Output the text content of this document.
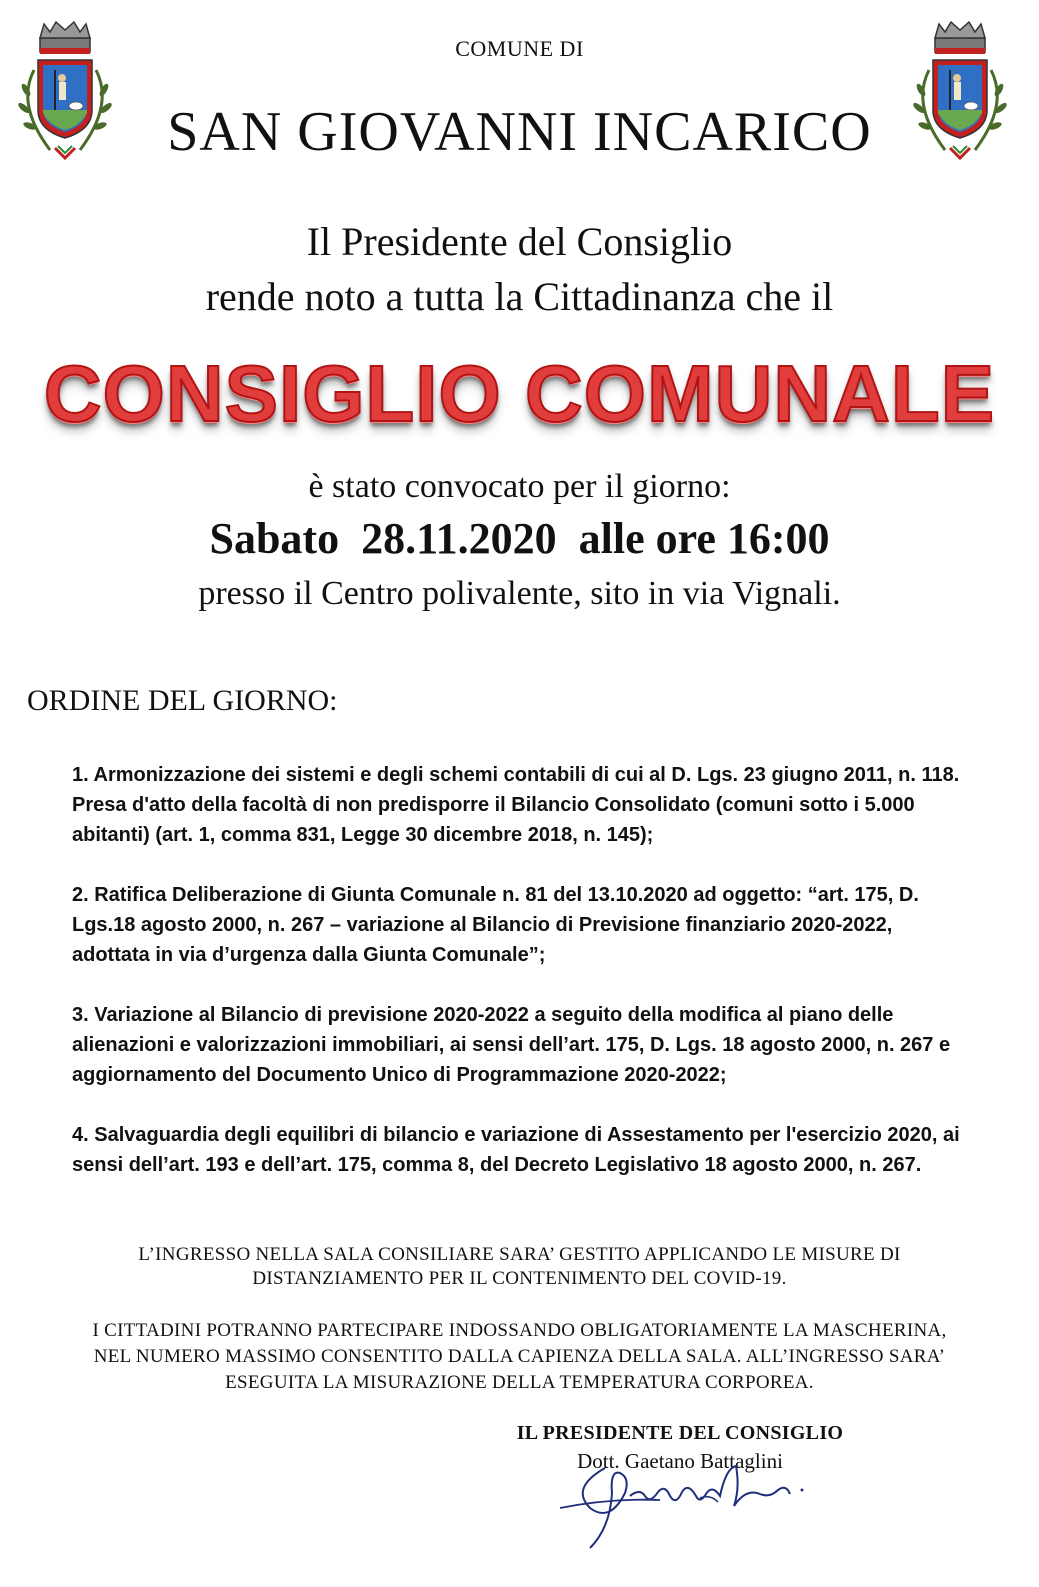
COMUNE DI
SAN GIOVANNI INCARICO
Il Presidente del Consiglio
rende noto a tutta la Cittadinanza che il
CONSIGLIO COMUNALE
è stato convocato per il giorno:
Sabato  28.11.2020  alle ore 16:00
presso il Centro polivalente, sito in via Vignali.
ORDINE DEL GIORNO:

1. Armonizzazione dei sistemi e degli schemi contabili di cui al D. Lgs. 23 giugno 2011, n. 118. Presa d'atto della facoltà di non predisporre il Bilancio Consolidato (comuni sotto i 5.000 abitanti) (art. 1, comma 831, Legge 30 dicembre 2018, n. 145);

2. Ratifica Deliberazione di Giunta Comunale n. 81 del 13.10.2020 ad oggetto: “art. 175, D. Lgs.18 agosto 2000, n. 267 – variazione al Bilancio di Previsione finanziario 2020-2022, adottata in via d’urgenza dalla Giunta Comunale”;

3. Variazione al Bilancio di previsione 2020-2022 a seguito della modifica al piano delle alienazioni e valorizzazioni immobiliari, ai sensi dell’art. 175, D. Lgs. 18 agosto 2000, n. 267 e aggiornamento del Documento Unico di Programmazione 2020-2022;

4. Salvaguardia degli equilibri di bilancio e variazione di Assestamento per l'esercizio 2020, ai sensi dell’art. 193 e dell’art. 175, comma 8, del Decreto Legislativo 18 agosto 2000, n. 267.

L’INGRESSO NELLA SALA CONSILIARE SARA’ GESTITO APPLICANDO LE MISURE DI
DISTANZIAMENTO PER IL CONTENIMENTO DEL COVID-19.
I CITTADINI POTRANNO PARTECIPARE INDOSSANDO OBLIGATORIAMENTE LA MASCHERINA,
NEL NUMERO MASSIMO CONSENTITO DALLA CAPIENZA DELLA SALA. ALL’INGRESSO SARA’
ESEGUITA LA MISURAZIONE DELLA TEMPERATURA CORPOREA.
IL PRESIDENTE DEL CONSIGLIO
Dott. Gaetano Battaglini
